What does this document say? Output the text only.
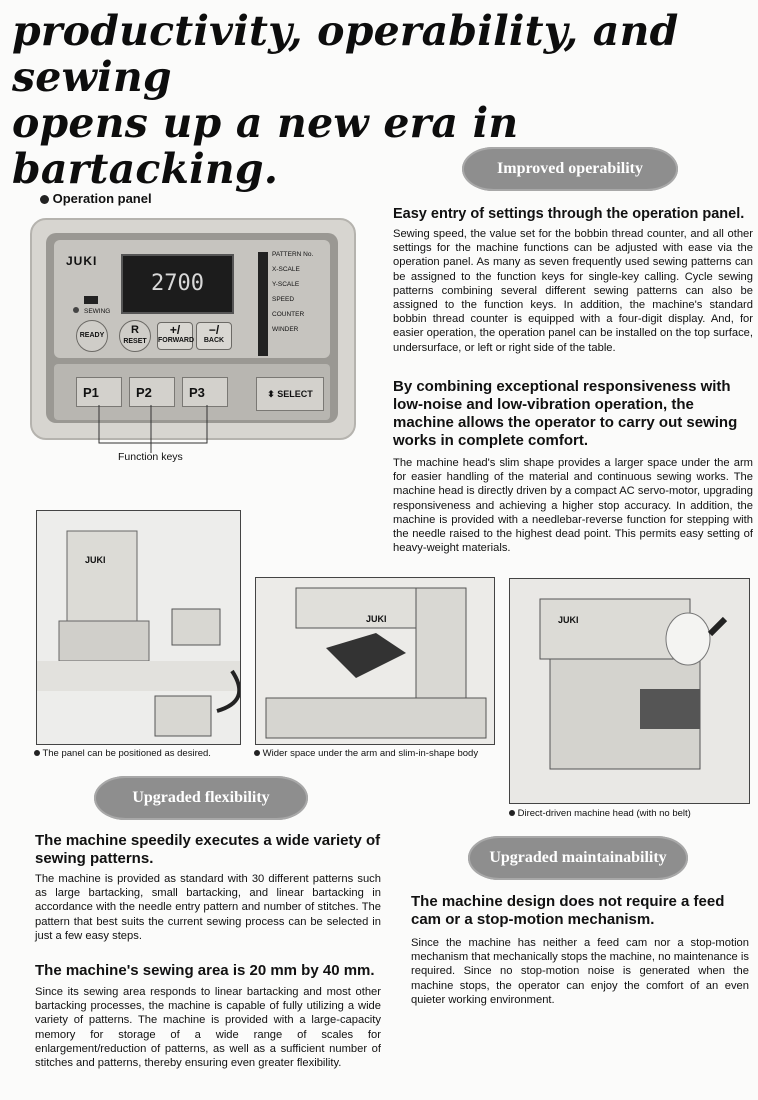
productivity, operability, and sewing
opens up a new era in bartacking.	Improved operability
Operation panel
JUKI
2700
SEWING
READY	R
RESET
+/
FORWARD
−/
BACK
PATTERN No.
X-SCALE
Y-SCALE
SPEED
COUNTER
WINDER
P1	P2	P3	⬍ SELECT
Function keys
Easy entry of settings through the operation panel.
Sewing speed, the value set for the bobbin thread counter, and all other settings for the machine functions can be adjusted with ease via the operation panel. As many as seven frequently used sewing patterns can be assigned to the function keys for single-key calling. Cycle sewing patterns combining several different sewing patterns can also be assigned to the function keys. In addition, the machine's standard bobbin thread counter is equipped with a four-digit display. And, for easier operation, the operation panel can be installed on the top surface, undersurface, or left or right side of the table.
By combining exceptional responsiveness with low-noise and low-vibration operation, the machine allows the operator to carry out sewing works in complete comfort.
The machine head's slim shape provides a larger space under the arm for easier handling of the material and continuous sewing works. The machine head is directly driven by a compact AC servo-motor, upgrading responsiveness and achieving a higher stop accuracy. In addition, the machine is provided with a needlebar-reverse function for stepping with the needle raised to the highest dead point. This permits easy setting of heavy-weight materials.
JUKI
The panel can be positioned as desired.
JUKI
Wider space under the arm and slim-in-shape body
JUKI
Direct-driven machine head (with no belt)
Upgraded flexibility
The machine speedily executes a wide variety of sewing patterns.
The machine is provided as standard with 30 different patterns such as large bartacking, small bartacking, and linear bartacking in accordance with the needle entry pattern and number of stitches. The pattern that best suits the current sewing process can be selected in just a few easy steps.
The machine's sewing area is 20 mm by 40 mm.
Since its sewing area responds to linear bartacking and most other bartacking processes, the machine is capable of fully utilizing a wide variety of patterns. The machine is provided with a large-capacity memory for storage of a wide range of scales for enlargement/reduction of patterns, as well as a sufficient number of stitches and patterns, thereby ensuring even greater flexibility.
Upgraded maintainability
The machine design does not require a feed cam or a stop-motion mechanism.
Since the machine has neither a feed cam nor a stop-motion mechanism that mechanically stops the machine, no maintenance is required. Since no stop-motion noise is generated when the machine stops, the operator can enjoy the comfort of an even quieter working environment.
